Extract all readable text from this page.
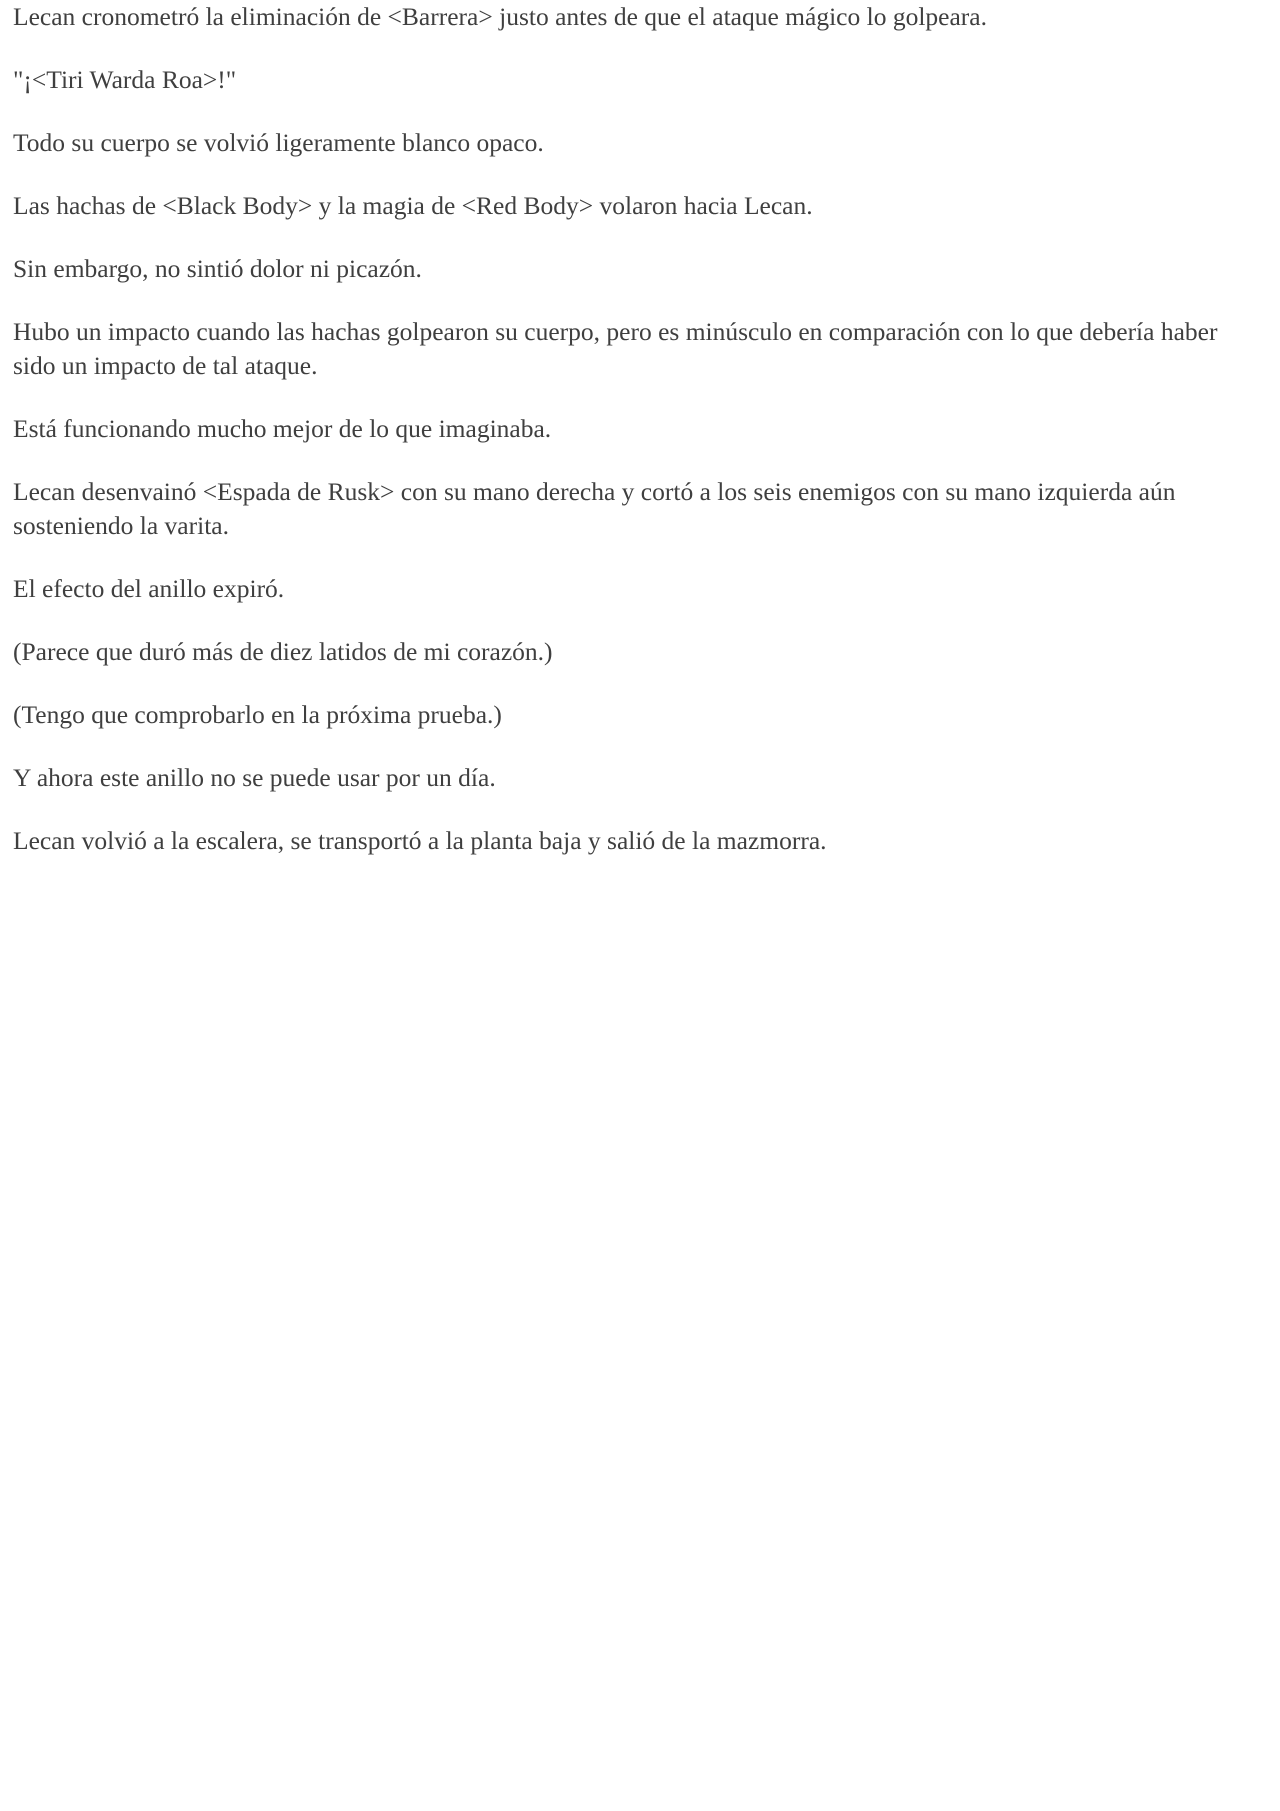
Lecan cronometró la eliminación de <Barrera> justo antes de que el ataque mágico lo golpeara.

"¡<Tiri Warda Roa>!"

Todo su cuerpo se volvió ligeramente blanco opaco.

Las hachas de <Black Body> y la magia de <Red Body> volaron hacia Lecan.

Sin embargo, no sintió dolor ni picazón.

Hubo un impacto cuando las hachas golpearon su cuerpo, pero es minúsculo en comparación con lo que debería haber sido un impacto de tal ataque.

Está funcionando mucho mejor de lo que imaginaba.

Lecan desenvainó <Espada de Rusk> con su mano derecha y cortó a los seis enemigos con su mano izquierda aún sosteniendo la varita.

El efecto del anillo expiró.

(Parece que duró más de diez latidos de mi corazón.)

(Tengo que comprobarlo en la próxima prueba.)

Y ahora este anillo no se puede usar por un día.

Lecan volvió a la escalera, se transportó a la planta baja y salió de la mazmorra.
